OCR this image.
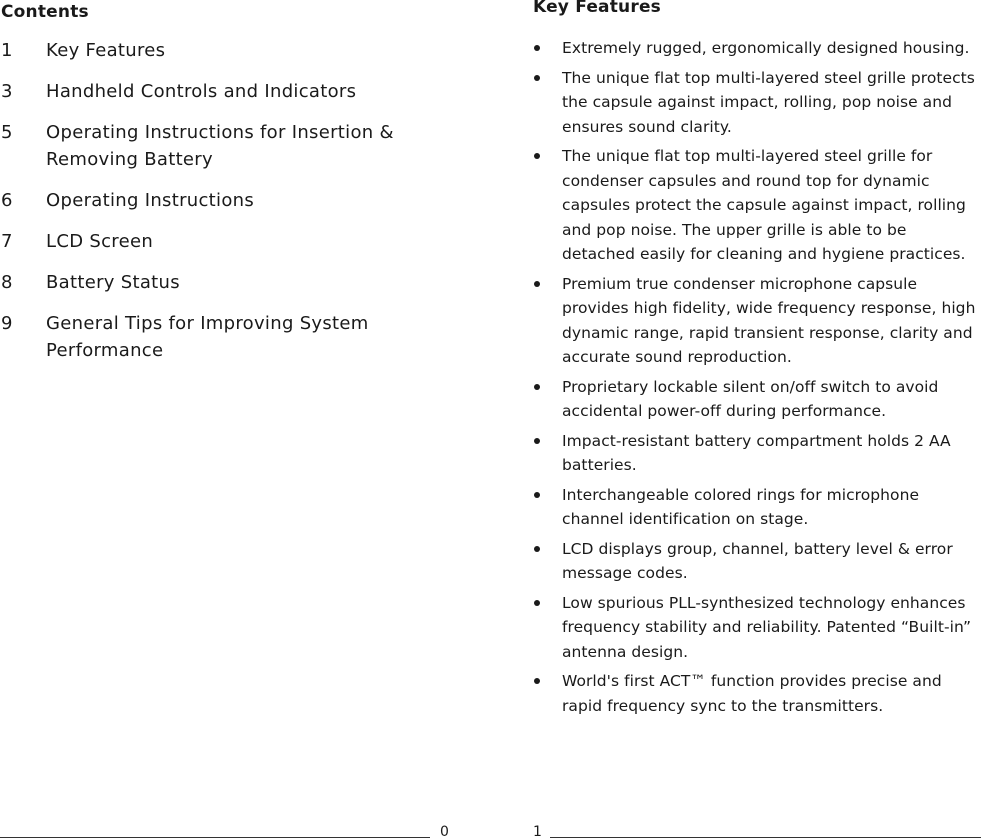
Contents
1	Key Features
3	Handheld Controls and Indicators
5	Operating Instructions for Insertion & Removing Battery
6	Operating Instructions
7	LCD Screen
8	Battery Status
9	General Tips for Improving System Performance
Key Features
Extremely rugged, ergonomically designed housing.
The unique flat top multi-layered steel grille protects the capsule against impact, rolling, pop noise and ensures sound clarity.
The unique flat top multi-layered steel grille for condenser capsules and round top for dynamic capsules protect the capsule against impact, rolling and pop noise. The upper grille is able to be detached easily for cleaning and hygiene practices.
Premium true condenser microphone capsule provides high fidelity, wide frequency response, high dynamic range, rapid transient response, clarity and accurate sound reproduction.
Proprietary lockable silent on/off switch to avoid accidental power-off during performance.
Impact-resistant battery compartment holds 2 AA batteries.
Interchangeable colored rings for microphone channel identification on stage.
LCD displays group, channel, battery level & error message codes.
Low spurious PLL-synthesized technology enhances frequency stability and reliability. Patented “Built-in” antenna design.
World's first ACT™ function provides precise and rapid frequency sync to the transmitters.
0	1
